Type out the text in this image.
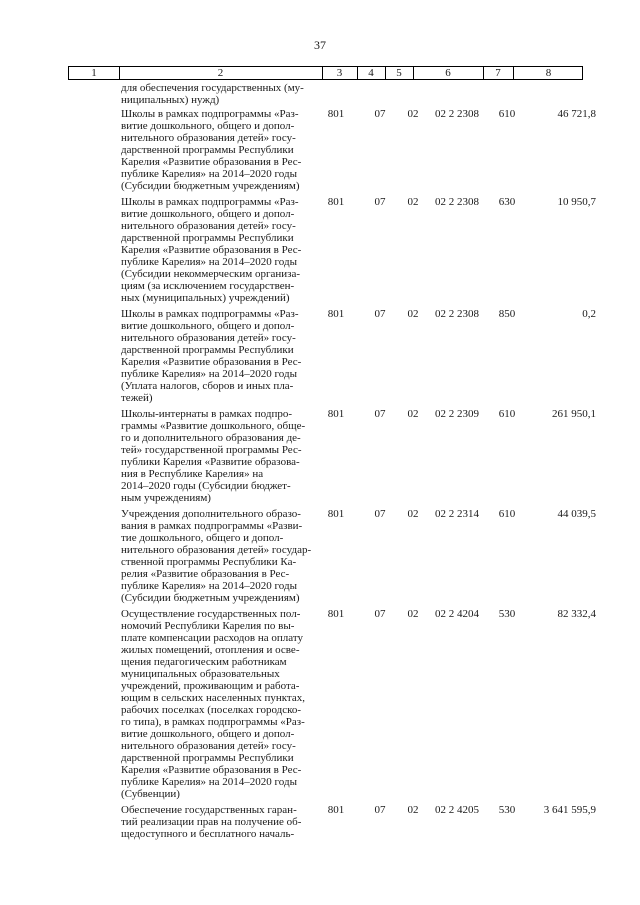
37
1	2	3	4	5	6	7	8
для обеспечения государственных (му-
ниципальных) нужд)
Школы в рамках подпрограммы «Раз-
витие дошкольного, общего и допол-
нительного образования детей» госу-
дарственной программы Республики
Карелия «Развитие образования в Рес-
публике Карелия» на 2014–2020 годы
(Субсидии бюджетным учреждениям)
801	07	02	02 2 2308	610	46 721,8
Школы в рамках подпрограммы «Раз-
витие дошкольного, общего и допол-
нительного образования детей» госу-
дарственной программы Республики
Карелия «Развитие образования в Рес-
публике Карелия» на 2014–2020 годы
(Субсидии некоммерческим организа-
циям (за исключением государствен-
ных (муниципальных) учреждений)
801	07	02	02 2 2308	630	10 950,7
Школы в рамках подпрограммы «Раз-
витие дошкольного, общего и допол-
нительного образования детей» госу-
дарственной программы Республики
Карелия «Развитие образования в Рес-
публике Карелия» на 2014–2020 годы
(Уплата налогов, сборов и иных пла-
тежей)
801	07	02	02 2 2308	850	0,2
Школы-интернаты в рамках подпро-
граммы «Развитие дошкольного, обще-
го и дополнительного образования де-
тей» государственной программы Рес-
публики Карелия «Развитие образова-
ния в Республике Карелия» на
2014–2020 годы (Субсидии бюджет-
ным учреждениям)
801	07	02	02 2 2309	610	261 950,1
Учреждения дополнительного образо-
вания в рамках подпрограммы «Разви-
тие дошкольного, общего и допол-
нительного образования детей» государ-
ственной программы Республики Ка-
релия «Развитие образования в Рес-
публике Карелия» на 2014–2020 годы
(Субсидии бюджетным учреждениям)
801	07	02	02 2 2314	610	44 039,5
Осуществление государственных пол-
номочий Республики Карелия по вы-
плате компенсации расходов на оплату
жилых помещений, отопления и осве-
щения педагогическим работникам
муниципальных образовательных
учреждений, проживающим и работа-
ющим в сельских населенных пунктах,
рабочих поселках (поселках городско-
го типа), в рамках подпрограммы «Раз-
витие дошкольного, общего и допол-
нительного образования детей» госу-
дарственной программы Республики
Карелия «Развитие образования в Рес-
публике Карелия» на 2014–2020 годы
(Субвенции)
801	07	02	02 2 4204	530	82 332,4
Обеспечение государственных гаран-
тий реализации прав на получение об-
щедоступного и бесплатного началь-
801	07	02	02 2 4205	530	3 641 595,9
